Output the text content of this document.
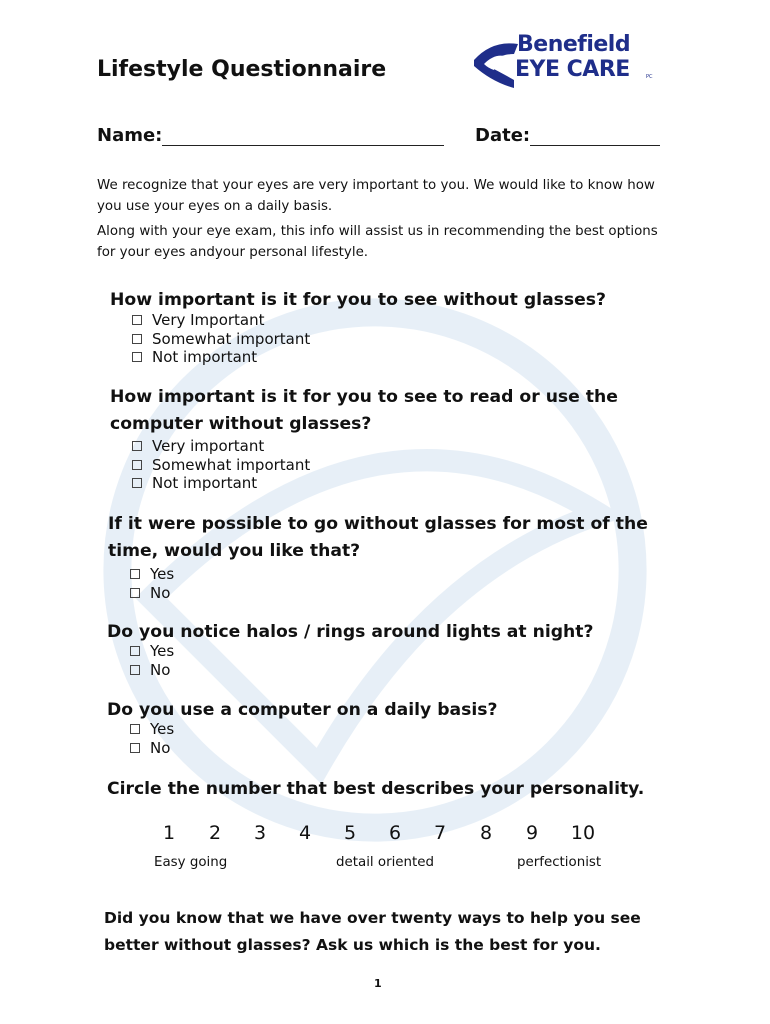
Lifestyle Questionnaire
Benefield
EYE CARE	PC
Name:	Date:

We recognize that your eyes are very important to you. We would like to know how you use your eyes on a daily basis.

Along with your eye exam, this info will assist us in recommending the best options for your eyes andyour personal lifestyle.

How important is it for you to see without glasses?

Very Important
Somewhat important
Not important

How important is it for you to see to read or use the computer without glasses?

Very important
Somewhat important
Not important

If it were possible to go without glasses for most of the time, would you like that?

Yes
No

Do you notice halos / rings around lights at night?

Yes
No

Do you use a computer on a daily basis?

Yes
No

Circle the number that best describes your personality.

1 2 3 4 5 6 7 8 9 10
Easy going	detail oriented	perfectionist

Did you know that we have over twenty ways to help you see better without glasses? Ask us which is the best for you.

1
